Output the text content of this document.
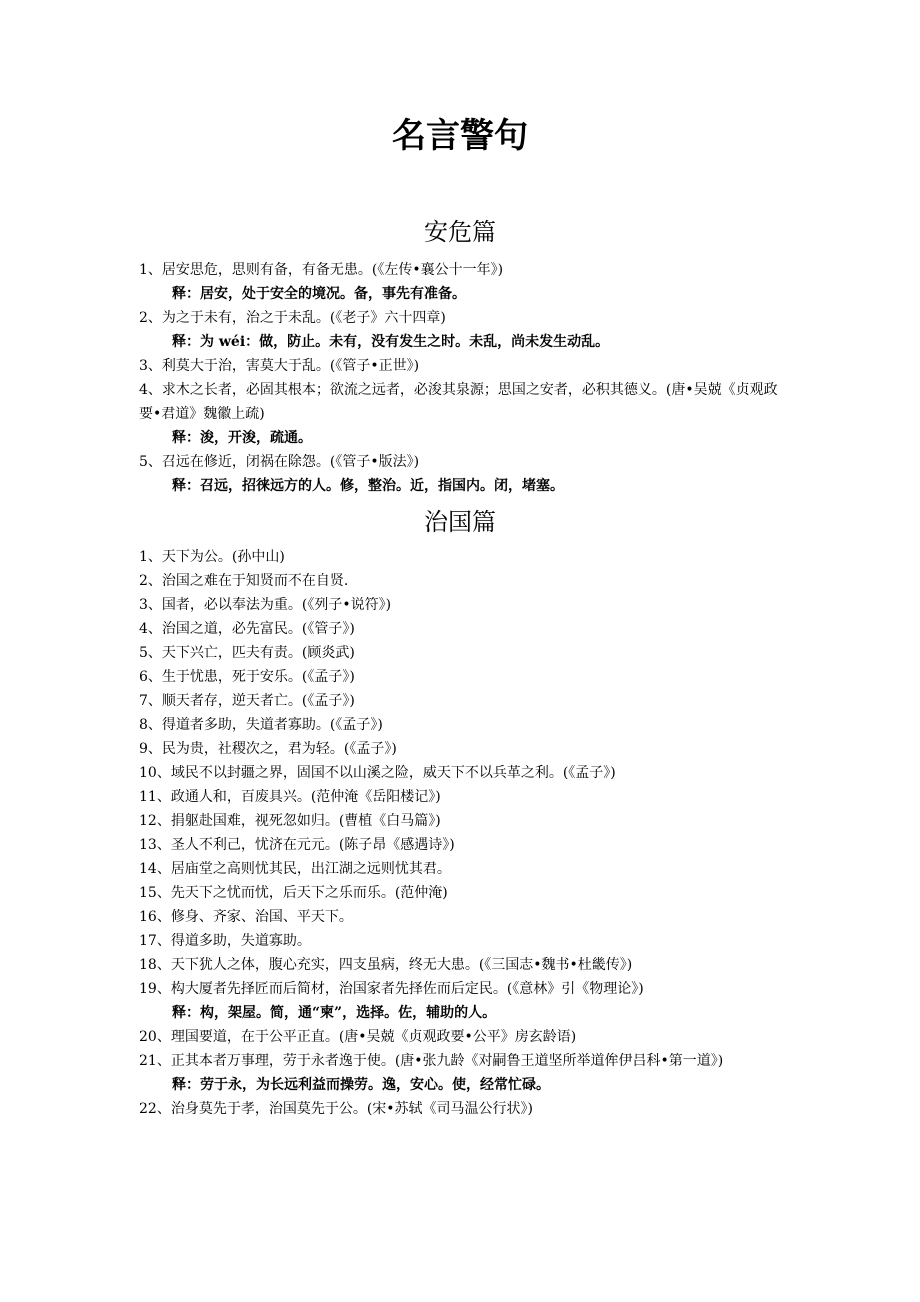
名言警句
安危篇

1、居安思危，思则有备，有备无患。(《左传•襄公十一年》)

释：居安，处于安全的境况。备，事先有准备。

2、为之于未有，治之于未乱。(《老子》六十四章)

释：为 wéi：做，防止。未有，没有发生之时。未乱，尚未发生动乱。

3、利莫大于治，害莫大于乱。(《管子•正世》)

4、求木之长者，必固其根本；欲流之远者，必浚其泉源；思国之安者，必积其德义。(唐•吴兢《贞观政要•君道》魏徽上疏)

释：浚，开浚，疏通。

5、召远在修近，闭祸在除怨。(《管子•版法》)

释：召远，招徕远方的人。修，整治。近，指国内。闭，堵塞。

治国篇

1、天下为公。(孙中山)

2、治国之难在于知贤而不在自贤.

3、国者，必以奉法为重。(《列子•说符》)

4、治国之道，必先富民。(《管子》)

5、天下兴亡，匹夫有责。(顾炎武)

6、生于忧患，死于安乐。(《孟子》)

7、顺天者存，逆天者亡。(《孟子》)

8、得道者多助，失道者寡助。(《孟子》)

9、民为贵，社稷次之，君为轻。(《孟子》)

10、域民不以封疆之界，固国不以山溪之险，威天下不以兵革之利。(《孟子》)

11、政通人和，百废具兴。(范仲淹《岳阳楼记》)

12、捐躯赴国难，视死忽如归。(曹植《白马篇》)

13、圣人不利己，忧济在元元。(陈子昂《感遇诗》)

14、居庙堂之高则忧其民，出江湖之远则忧其君。

15、先天下之忧而忧，后天下之乐而乐。(范仲淹)

16、修身、齐家、治国、平天下。

17、得道多助，失道寡助。

18、天下犹人之体，腹心充实，四支虽病，终无大患。(《三国志•魏书•杜畿传》)

19、构大厦者先择匠而后简材，治国家者先择佐而后定民。(《意林》引《物理论》)

释：构，架屋。简，通“柬”，选择。佐，辅助的人。

20、理国要道，在于公平正直。(唐•吴兢《贞观政要•公平》房玄龄语)

21、正其本者万事理，劳于永者逸于使。(唐•张九龄《对嗣鲁王道坚所举道侔伊吕科•第一道》)

释：劳于永，为长远利益而操劳。逸，安心。使，经常忙碌。

22、治身莫先于孝，治国莫先于公。(宋•苏轼《司马温公行状》)
